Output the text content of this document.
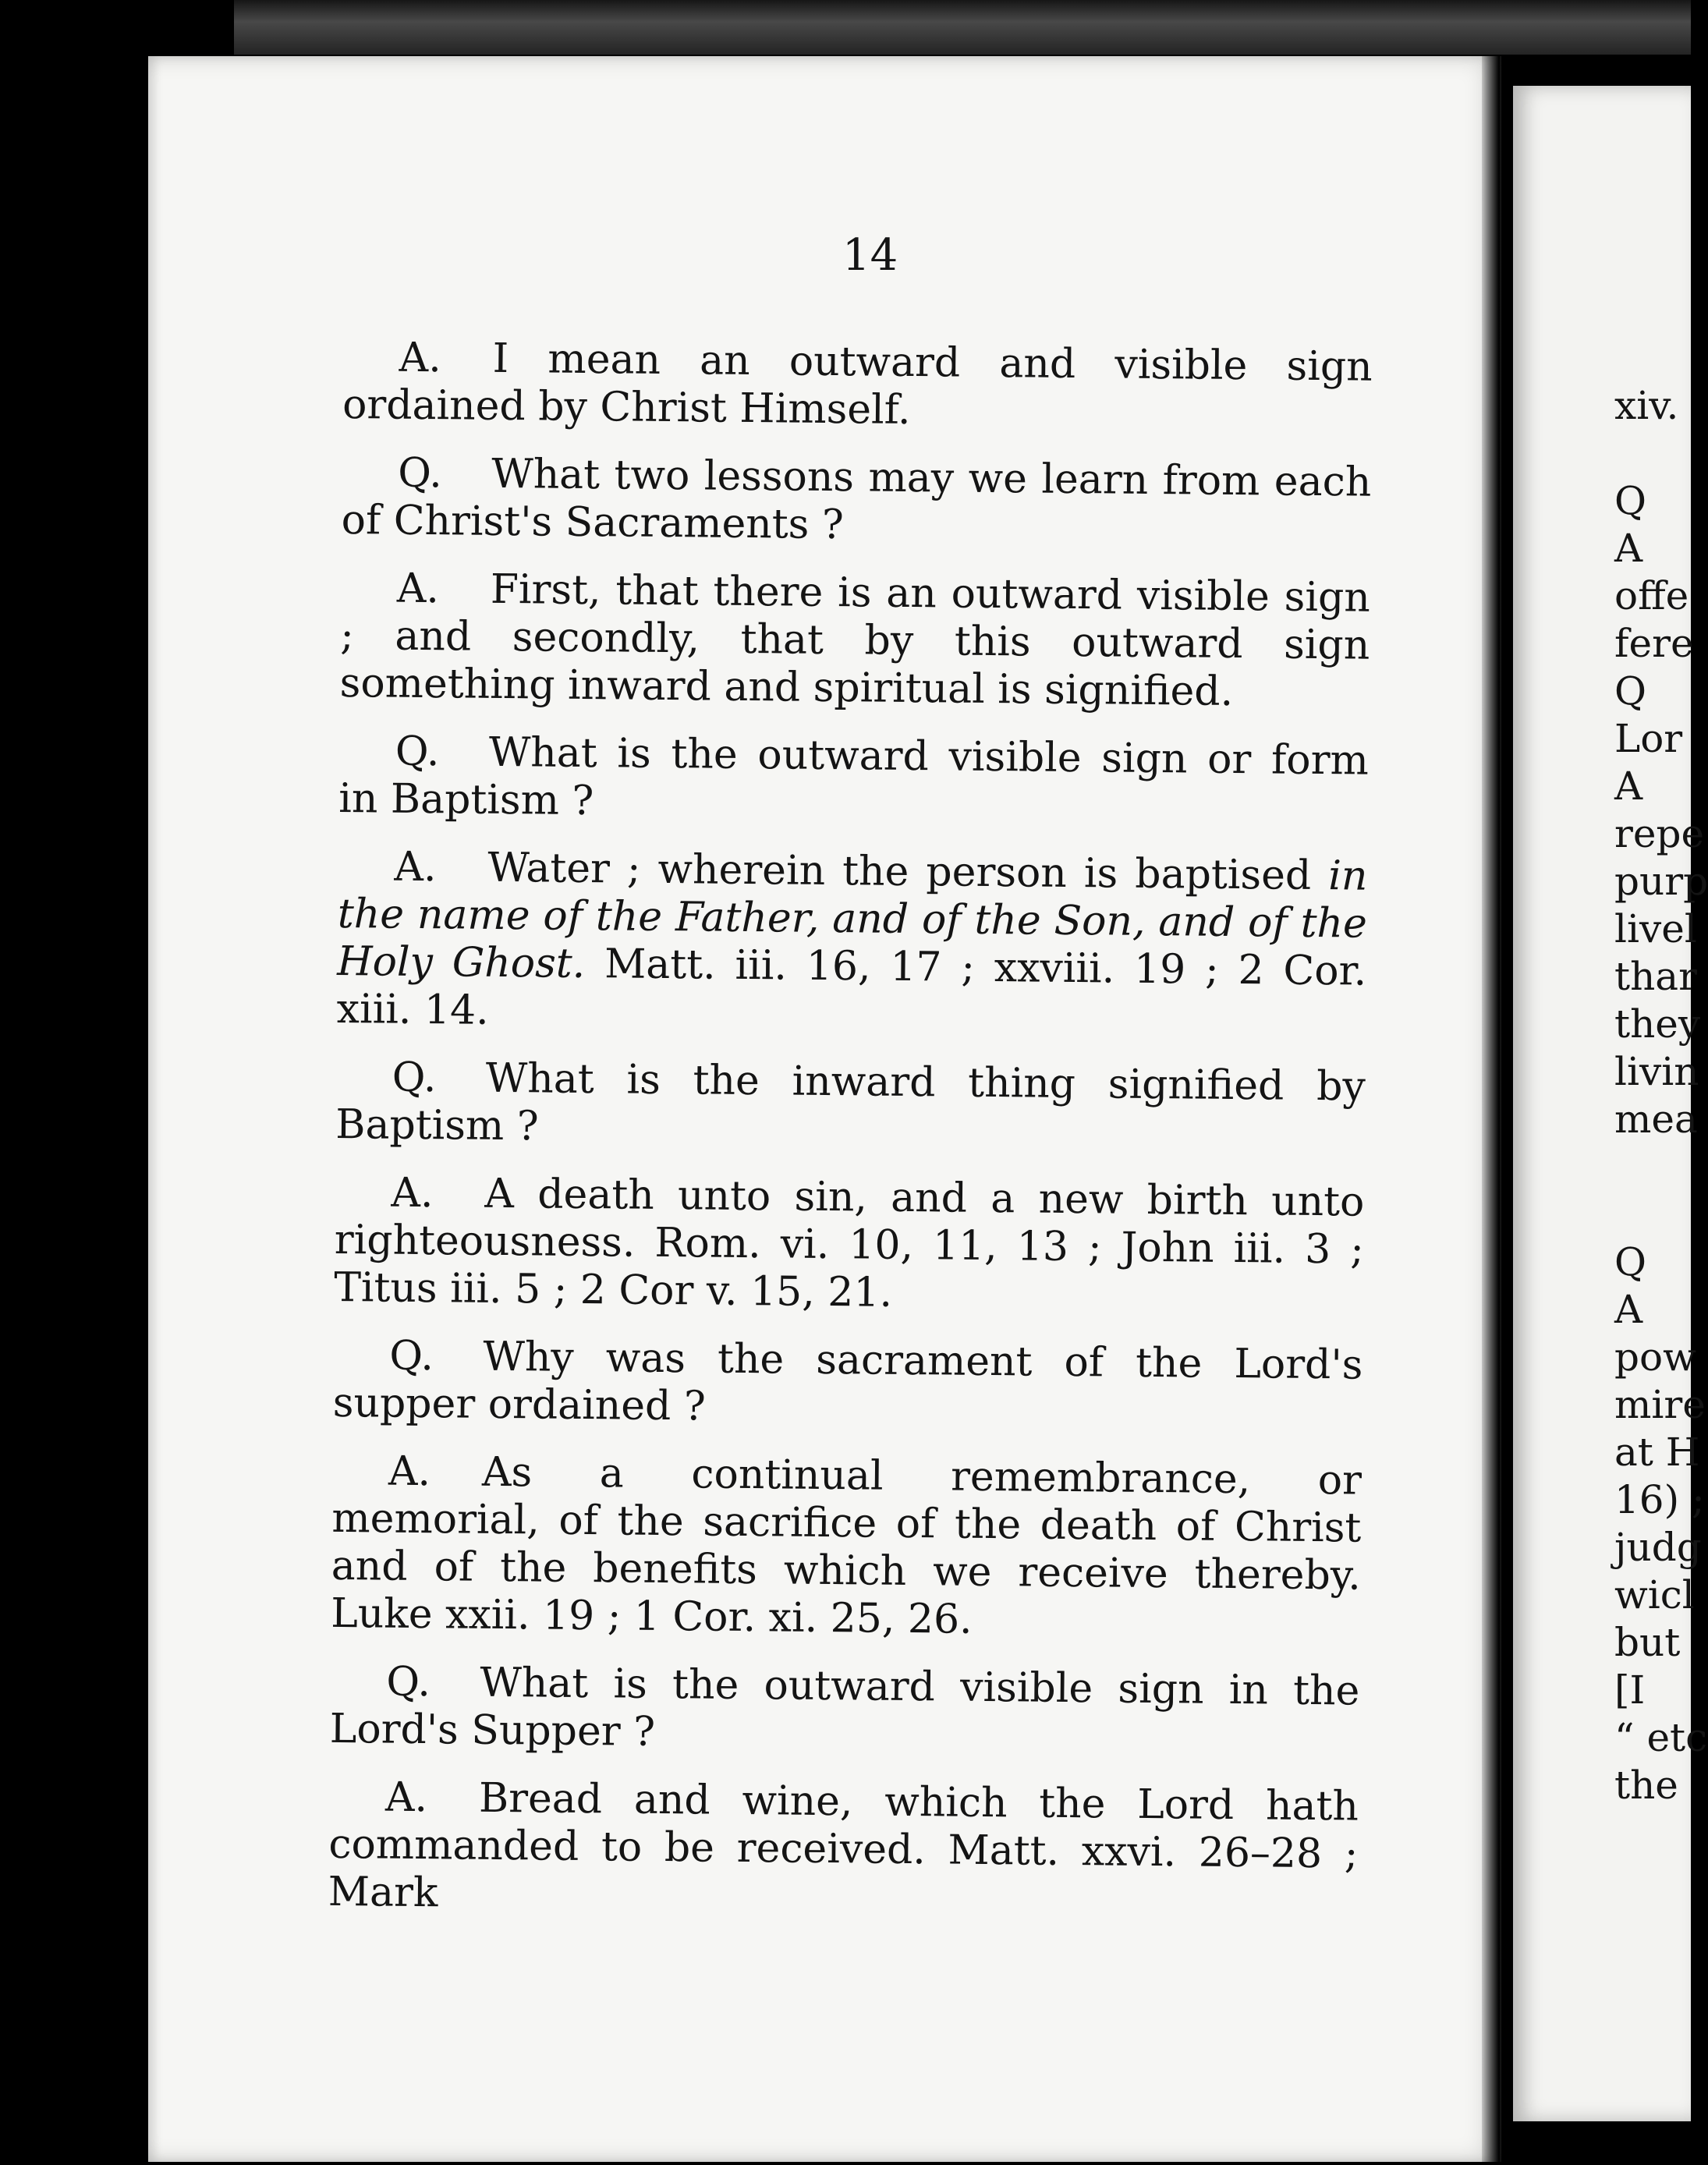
14

A. I mean an outward and visible sign ordained by Christ Himself.

Q. What two lessons may we learn from each of Christ's Sacraments ?

A. First, that there is an outward visible sign ; and secondly, that by this outward sign something inward and spiritual is signified.

Q. What is the outward visible sign or form in Baptism ?

A. Water ; wherein the person is baptised in the name of the Father, and of the Son, and of the Holy Ghost. Matt. iii. 16, 17 ; xxviii. 19 ; 2 Cor. xiii. 14.

Q. What is the inward thing signified by Baptism ?

A. A death unto sin, and a new birth unto righteousness. Rom. vi. 10, 11, 13 ; John iii. 3 ; Titus iii. 5 ; 2 Cor v. 15, 21.

Q. Why was the sacrament of the Lord's supper ordained ?

A. As a continual remembrance, or memorial, of the sacrifice of the death of Christ and of the benefits which we receive thereby. Luke xxii. 19 ; 1 Cor. xi. 25, 26.

Q. What is the outward visible sign in the Lord's Supper ?

A. Bread and wine, which the Lord hath commanded to be received. Matt. xxvi. 26–28 ; Mark

xiv.
Q
A
offe
fere
Q
Lor
A
repe
purp
livel
thar
they
livin
mea
Q
A
pow
mire
at H
16) ;
judg
wicl
but
[I
“ etc
the
